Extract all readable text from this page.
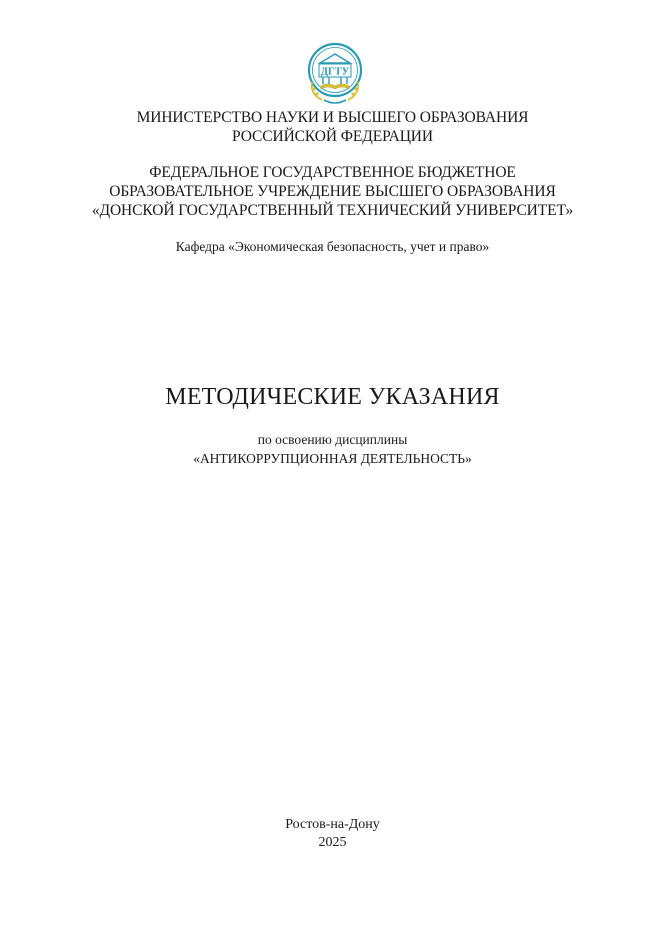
ДГТУ
МИНИСТЕРСТВО НАУКИ И ВЫСШЕГО ОБРАЗОВАНИЯ
РОССИЙСКОЙ ФЕДЕРАЦИИ
ФЕДЕРАЛЬНОЕ ГОСУДАРСТВЕННОЕ БЮДЖЕТНОЕ
ОБРАЗОВАТЕЛЬНОЕ УЧРЕЖДЕНИЕ ВЫСШЕГО ОБРАЗОВАНИЯ
«ДОНСКОЙ ГОСУДАРСТВЕННЫЙ ТЕХНИЧЕСКИЙ УНИВЕРСИТЕТ»
Кафедра «Экономическая безопасность, учет и право»
МЕТОДИЧЕСКИЕ УКАЗАНИЯ
по освоению дисциплины
«АНТИКОРРУПЦИОННАЯ ДЕЯТЕЛЬНОСТЬ»
Ростов-на-Дону
2025
